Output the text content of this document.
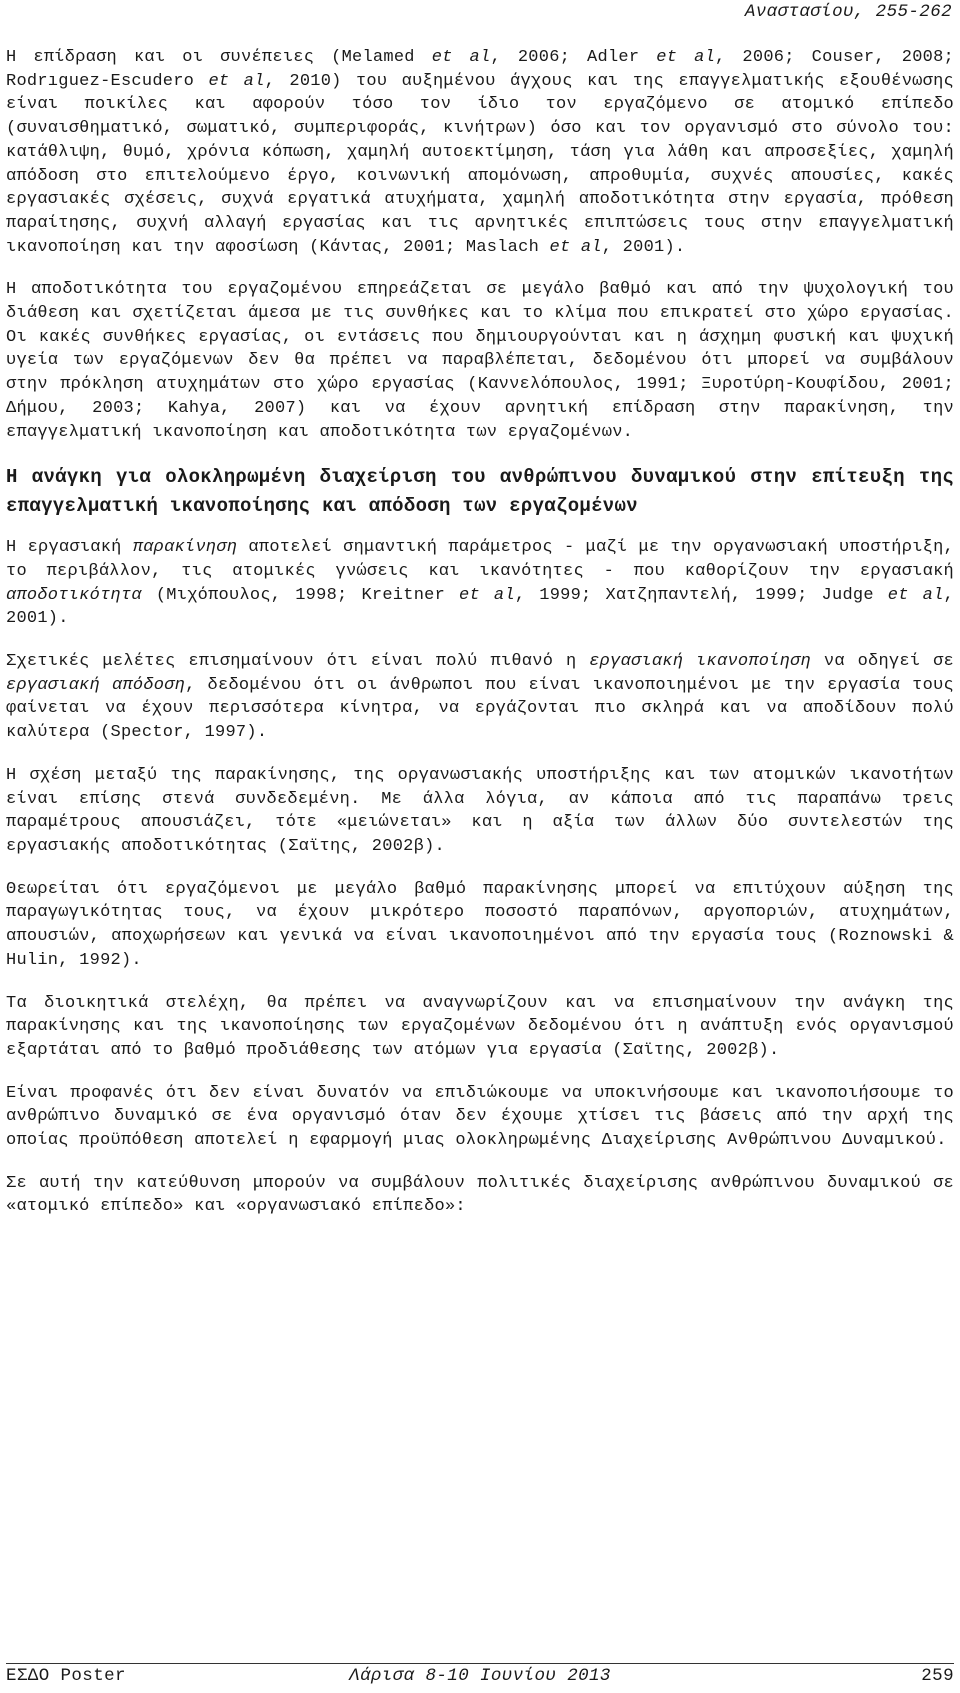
Αναστασίου, 255-262

Η επίδραση και οι συνέπειες (Melamed et al, 2006; Adler et al, 2006; Couser, 2008; Rodrıguez-Escudero et al, 2010) του αυξημένου άγχους και της επαγγελματικής εξουθένωσης είναι ποικίλες και αφορούν τόσο τον ίδιο τον εργαζόμενο σε ατομικό επίπεδο (συναισθηματικό, σωματικό, συμπεριφοράς, κινήτρων) όσο και τον οργανισμό στο σύνολο του: κατάθλιψη, θυμό, χρόνια κόπωση, χαμηλή αυτοεκτίμηση, τάση για λάθη και απροσεξίες, χαμηλή απόδοση στο επιτελούμενο έργο, κοινωνική απομόνωση, απροθυμία, συχνές απουσίες, κακές εργασιακές σχέσεις, συχνά εργατικά ατυχήματα, χαμηλή αποδοτικότητα στην εργασία, πρόθεση παραίτησης, συχνή αλλαγή εργασίας και τις αρνητικές επιπτώσεις τους στην επαγγελματική ικανοποίηση και την αφοσίωση (Κάντας, 2001; Maslach et al, 2001).

Η αποδοτικότητα του εργαζομένου επηρεάζεται σε μεγάλο βαθμό και από την ψυχολογική του διάθεση και σχετίζεται άμεσα με τις συνθήκες και το κλίμα που επικρατεί στο χώρο εργασίας. Οι κακές συνθήκες εργασίας, οι εντάσεις που δημιουργούνται και η άσχημη φυσική και ψυχική υγεία των εργαζόμενων δεν θα πρέπει να παραβλέπεται, δεδομένου ότι μπορεί να συμβάλουν στην πρόκληση ατυχημάτων στο χώρο εργασίας (Καννελόπουλος, 1991; Ξυροτύρη-Κουφίδου, 2001; Δήμου, 2003; Kahya, 2007) και να έχουν αρνητική επίδραση στην παρακίνηση, την επαγγελματική ικανοποίηση και αποδοτικότητα των εργαζομένων.

Η ανάγκη για ολοκληρωμένη διαχείριση του ανθρώπινου δυναμικού στην επίτευξη της επαγγελματική ικανοποίησης και απόδοση των εργαζομένων

Η εργασιακή παρακίνηση αποτελεί σημαντική παράμετρος - μαζί με την οργανωσιακή υποστήριξη, το περιβάλλον, τις ατομικές γνώσεις και ικανότητες - που καθορίζουν την εργασιακή αποδοτικότητα (Μιχόπουλος, 1998; Kreitner et al, 1999; Χατζηπαντελή, 1999; Judge et al, 2001).

Σχετικές μελέτες επισημαίνουν ότι είναι πολύ πιθανό η εργασιακή ικανοποίηση να οδηγεί σε εργασιακή απόδοση, δεδομένου ότι οι άνθρωποι που είναι ικανοποιημένοι με την εργασία τους φαίνεται να έχουν περισσότερα κίνητρα, να εργάζονται πιο σκληρά και να αποδίδουν πολύ καλύτερα (Spector, 1997).

Η σχέση μεταξύ της παρακίνησης, της οργανωσιακής υποστήριξης και των ατομικών ικανοτήτων είναι επίσης στενά συνδεδεμένη. Με άλλα λόγια, αν κάποια από τις παραπάνω τρεις παραμέτρους απουσιάζει, τότε «μειώνεται» και η αξία των άλλων δύο συντελεστών της εργασιακής αποδοτικότητας (Σαϊτης, 2002β).

Θεωρείται ότι εργαζόμενοι με μεγάλο βαθμό παρακίνησης μπορεί να επιτύχουν αύξηση της παραγωγικότητας τους, να έχουν μικρότερο ποσοστό παραπόνων, αργοποριών, ατυχημάτων, απουσιών, αποχωρήσεων και γενικά να είναι ικανοποιημένοι από την εργασία τους (Roznowski & Hulin, 1992).

Τα διοικητικά στελέχη, θα πρέπει να αναγνωρίζουν και να επισημαίνουν την ανάγκη της παρακίνησης και της ικανοποίησης των εργαζομένων δεδομένου ότι η ανάπτυξη ενός οργανισμού εξαρτάται από το βαθμό προδιάθεσης των ατόμων για εργασία (Σαϊτης, 2002β).

Είναι προφανές ότι δεν είναι δυνατόν να επιδιώκουμε να υποκινήσουμε και ικανοποιήσουμε το ανθρώπινο δυναμικό σε ένα οργανισμό όταν δεν έχουμε χτίσει τις βάσεις από την αρχή της οποίας προϋπόθεση αποτελεί η εφαρμογή μιας ολοκληρωμένης Διαχείρισης Ανθρώπινου Δυναμικού.

Σε αυτή την κατεύθυνση μπορούν να συμβάλουν πολιτικές διαχείρισης ανθρώπινου δυναμικού σε «ατομικό επίπεδο» και «οργανωσιακό επίπεδο»:

ΕΣΔΟ Poster	Λάρισα 8-10 Ιουνίου 2013	259
